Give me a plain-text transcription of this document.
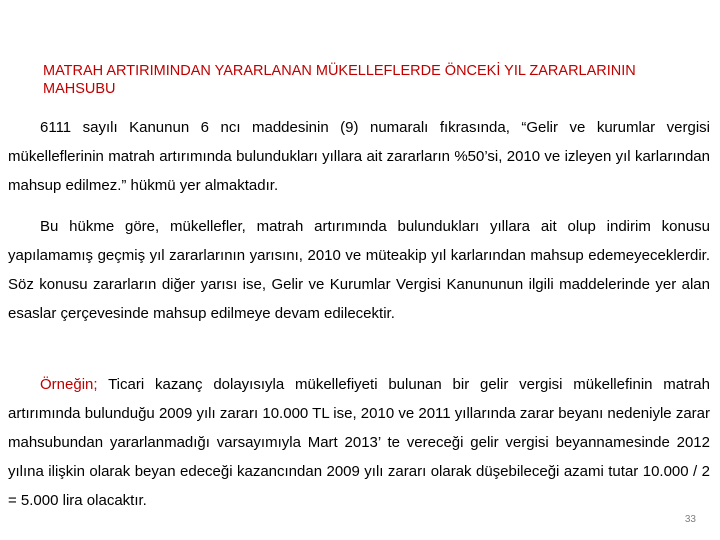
MATRAH ARTIRIMINDAN YARARLANAN MÜKELLEFLERDE ÖNCEKİ YIL ZARARLARININ MAHSUBU

6111 sayılı Kanunun 6 ncı maddesinin (9) numaralı fıkrasında, “Gelir ve kurumlar vergisi mükelleflerinin matrah artırımında bulundukları yıllara ait zararların %50’si, 2010 ve izleyen yıl karlarından mahsup edilmez.” hükmü yer almaktadır.

Bu hükme göre, mükellefler, matrah artırımında bulundukları yıllara ait olup indirim konusu yapılamamış geçmiş yıl zararlarının yarısını, 2010 ve müteakip yıl karlarından mahsup edemeyeceklerdir. Söz konusu zararların diğer yarısı ise, Gelir ve Kurumlar Vergisi Kanununun ilgili maddelerinde yer alan esaslar çerçevesinde mahsup edilmeye devam edilecektir.

Örneğin; Ticari kazanç dolayısıyla mükellefiyeti bulunan bir gelir vergisi mükellefinin matrah artırımında bulunduğu 2009 yılı zararı 10.000 TL ise, 2010 ve 2011 yıllarında zarar beyanı nedeniyle zarar mahsubundan yararlanmadığı varsayımıyla Mart 2013’ te vereceği gelir vergisi beyannamesinde 2012 yılına ilişkin olarak beyan edeceği kazancından 2009 yılı zararı olarak düşebileceği azami tutar 10.000 / 2 = 5.000 lira olacaktır.

33
